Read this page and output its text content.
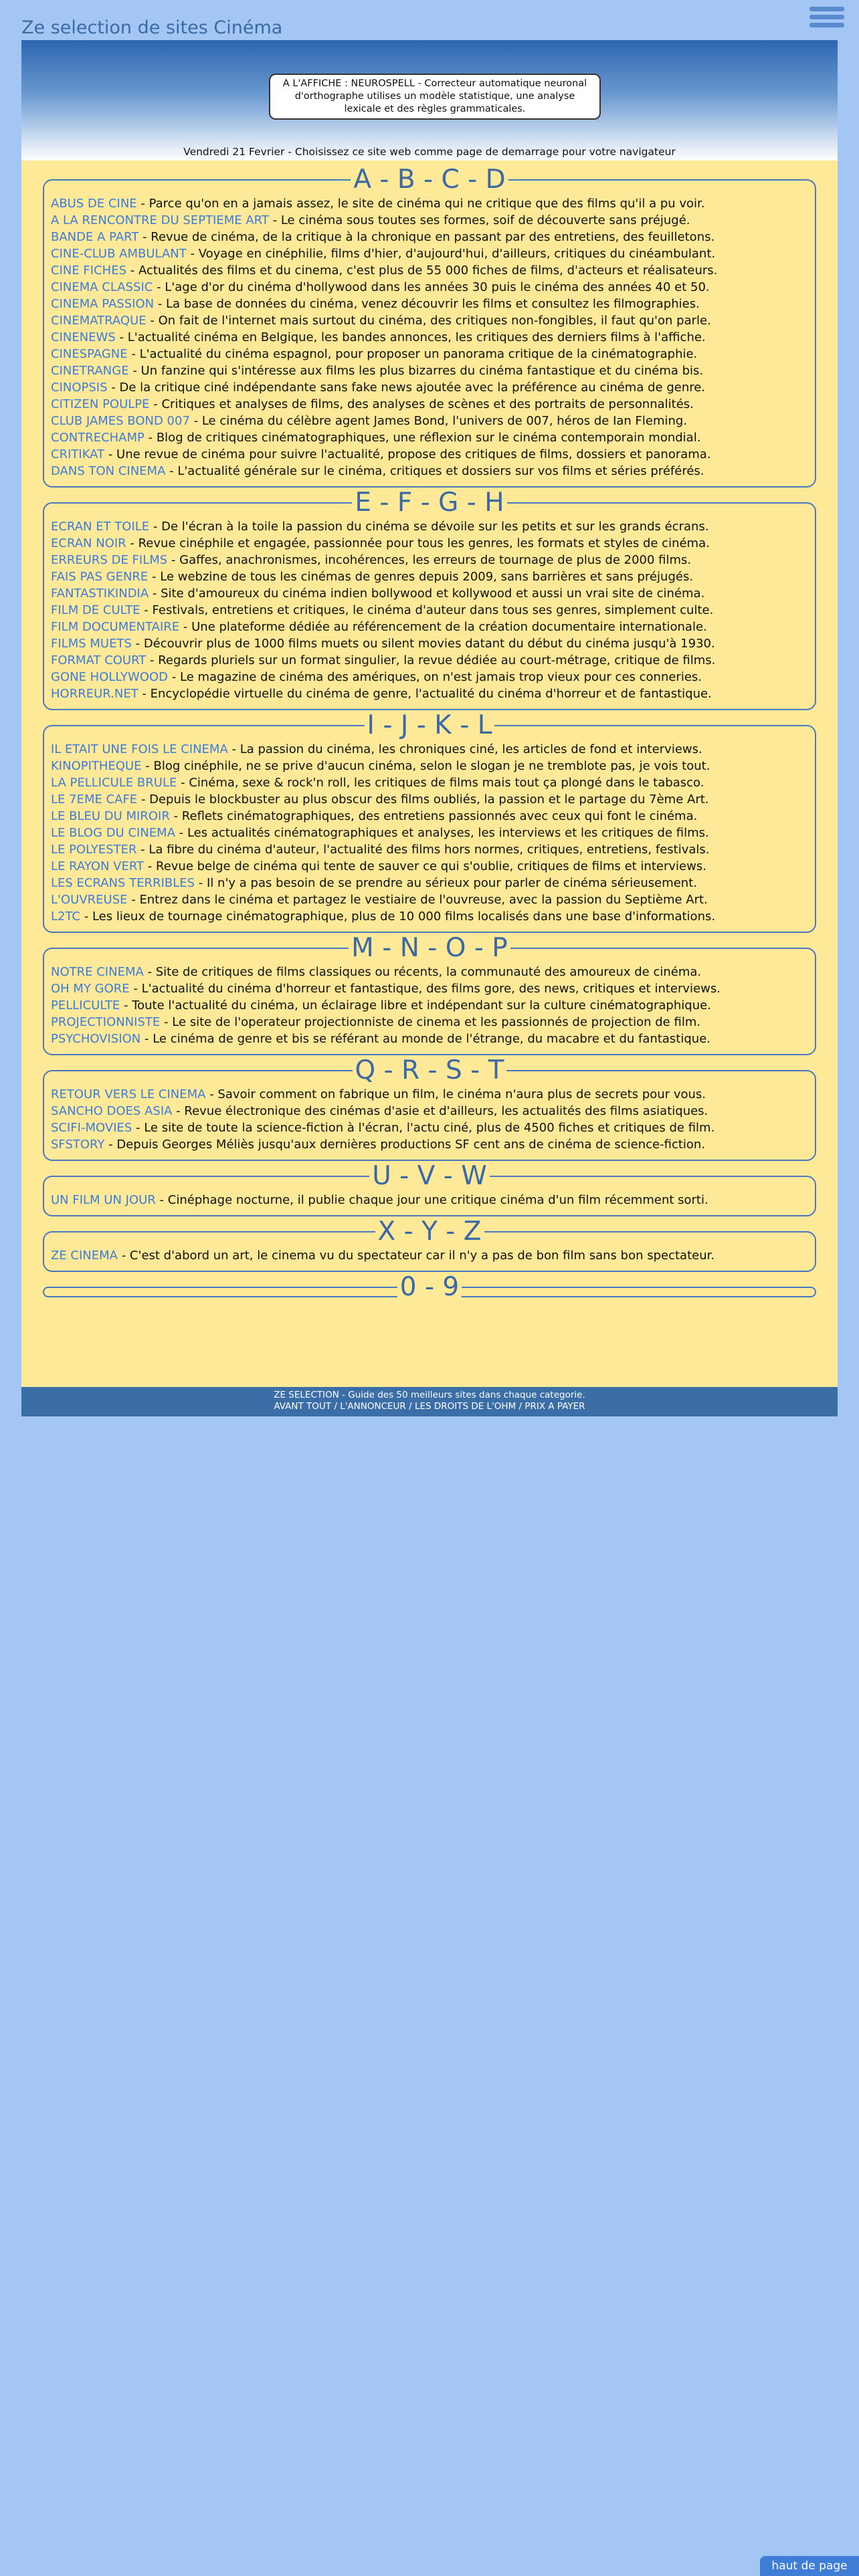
Ze selection de sites Cinéma
A L'AFFICHE : NEUROSPELL - Correcteur automatique neuronal d'orthographe utilises un modèle statistique, une analyse lexicale et des règles grammaticales.
Vendredi 21 Fevrier - Choisissez ce site web comme page de demarrage pour votre navigateur
A - B - C - D
ABUS DE CINE - Parce qu'on en a jamais assez, le site de cinéma qui ne critique que des films qu'il a pu voir.
A LA RENCONTRE DU SEPTIEME ART - Le cinéma sous toutes ses formes, soif de découverte sans préjugé.
BANDE A PART - Revue de cinéma, de la critique à la chronique en passant par des entretiens, des feuilletons.
CINE-CLUB AMBULANT - Voyage en cinéphilie, films d'hier, d'aujourd'hui, d'ailleurs, critiques du cinéambulant.
CINE FICHES - Actualités des films et du cinema, c'est plus de 55 000 fiches de films, d'acteurs et réalisateurs.
CINEMA CLASSIC - L'age d'or du cinéma d'hollywood dans les années 30 puis le cinéma des années 40 et 50.
CINEMA PASSION - La base de données du cinéma, venez découvrir les films et consultez les filmographies.
CINEMATRAQUE - On fait de l'internet mais surtout du cinéma, des critiques non-fongibles, il faut qu'on parle.
CINENEWS - L'actualité cinéma en Belgique, les bandes annonces, les critiques des derniers films à l'affiche.
CINESPAGNE - L'actualité du cinéma espagnol, pour proposer un panorama critique de la cinématographie.
CINETRANGE - Un fanzine qui s'intéresse aux films les plus bizarres du cinéma fantastique et du cinéma bis.
CINOPSIS - De la critique ciné indépendante sans fake news ajoutée avec la préférence au cinéma de genre.
CITIZEN POULPE - Critiques et analyses de films, des analyses de scènes et des portraits de personnalités.
CLUB JAMES BOND 007 - Le cinéma du célèbre agent James Bond, l'univers de 007, héros de Ian Fleming.
CONTRECHAMP - Blog de critiques cinématographiques, une réflexion sur le cinéma contemporain mondial.
CRITIKAT - Une revue de cinéma pour suivre l'actualité, propose des critiques de films, dossiers et panorama.
DANS TON CINEMA - L'actualité générale sur le cinéma, critiques et dossiers sur vos films et séries préférés.
E - F - G - H
ECRAN ET TOILE - De l'écran à la toile la passion du cinéma se dévoile sur les petits et sur les grands écrans.
ECRAN NOIR - Revue cinéphile et engagée, passionnée pour tous les genres, les formats et styles de cinéma.
ERREURS DE FILMS - Gaffes, anachronismes, incohérences, les erreurs de tournage de plus de 2000 films.
FAIS PAS GENRE - Le webzine de tous les cinémas de genres depuis 2009, sans barrières et sans préjugés.
FANTASTIKINDIA - Site d'amoureux du cinéma indien bollywood et kollywood et aussi un vrai site de cinéma.
FILM DE CULTE - Festivals, entretiens et critiques, le cinéma d'auteur dans tous ses genres, simplement culte.
FILM DOCUMENTAIRE - Une plateforme dédiée au référencement de la création documentaire internationale.
FILMS MUETS - Découvrir plus de 1000 films muets ou silent movies datant du début du cinéma jusqu'à 1930.
FORMAT COURT - Regards pluriels sur un format singulier, la revue dédiée au court-métrage, critique de films.
GONE HOLLYWOOD - Le magazine de cinéma des amériques, on n'est jamais trop vieux pour ces conneries.
HORREUR.NET - Encyclopédie virtuelle du cinéma de genre, l'actualité du cinéma d'horreur et de fantastique.
I - J - K - L
IL ETAIT UNE FOIS LE CINEMA - La passion du cinéma, les chroniques ciné, les articles de fond et interviews.
KINOPITHEQUE - Blog cinéphile, ne se prive d'aucun cinéma, selon le slogan je ne tremblote pas, je vois tout.
LA PELLICULE BRULE - Cinéma, sexe & rock'n roll, les critiques de films mais tout ça plongé dans le tabasco.
LE 7EME CAFE - Depuis le blockbuster au plus obscur des films oubliés, la passion et le partage du 7ème Art.
LE BLEU DU MIROIR - Reflets cinématographiques, des entretiens passionnés avec ceux qui font le cinéma.
LE BLOG DU CINEMA - Les actualités cinématographiques et analyses, les interviews et les critiques de films.
LE POLYESTER - La fibre du cinéma d'auteur, l'actualité des films hors normes, critiques, entretiens, festivals.
LE RAYON VERT - Revue belge de cinéma qui tente de sauver ce qui s'oublie, critiques de films et interviews.
LES ECRANS TERRIBLES - Il n'y a pas besoin de se prendre au sérieux pour parler de cinéma sérieusement.
L'OUVREUSE - Entrez dans le cinéma et partagez le vestiaire de l'ouvreuse, avec la passion du Septième Art.
L2TC - Les lieux de tournage cinématographique, plus de 10 000 films localisés dans une base d'informations.
M - N - O - P
NOTRE CINEMA - Site de critiques de films classiques ou récents, la communauté des amoureux de cinéma.
OH MY GORE - L'actualité du cinéma d'horreur et fantastique, des films gore, des news, critiques et interviews.
PELLICULTE - Toute l'actualité du cinéma, un éclairage libre et indépendant sur la culture cinématographique.
PROJECTIONNISTE - Le site de l'operateur projectionniste de cinema et les passionnés de projection de film.
PSYCHOVISION - Le cinéma de genre et bis se référant au monde de l'étrange, du macabre et du fantastique.
Q - R - S - T
RETOUR VERS LE CINEMA - Savoir comment on fabrique un film, le cinéma n'aura plus de secrets pour vous.
SANCHO DOES ASIA - Revue électronique des cinémas d'asie et d'ailleurs, les actualités des films asiatiques.
SCIFI-MOVIES - Le site de toute la science-fiction à l'écran, l'actu ciné, plus de 4500 fiches et critiques de film.
SFSTORY - Depuis Georges Méliès jusqu'aux dernières productions SF cent ans de cinéma de science-fiction.
U - V - W
UN FILM UN JOUR - Cinéphage nocturne, il publie chaque jour une critique cinéma d'un film récemment sorti.
X - Y - Z
ZE CINEMA - C'est d'abord un art, le cinema vu du spectateur car il n'y a pas de bon film sans bon spectateur.
0 - 9
ZE SELECTION - Guide des 50 meilleurs sites dans chaque categorie.
AVANT TOUT / L'ANNONCEUR / LES DROITS DE L'OHM / PRIX A PAYER
haut de page
